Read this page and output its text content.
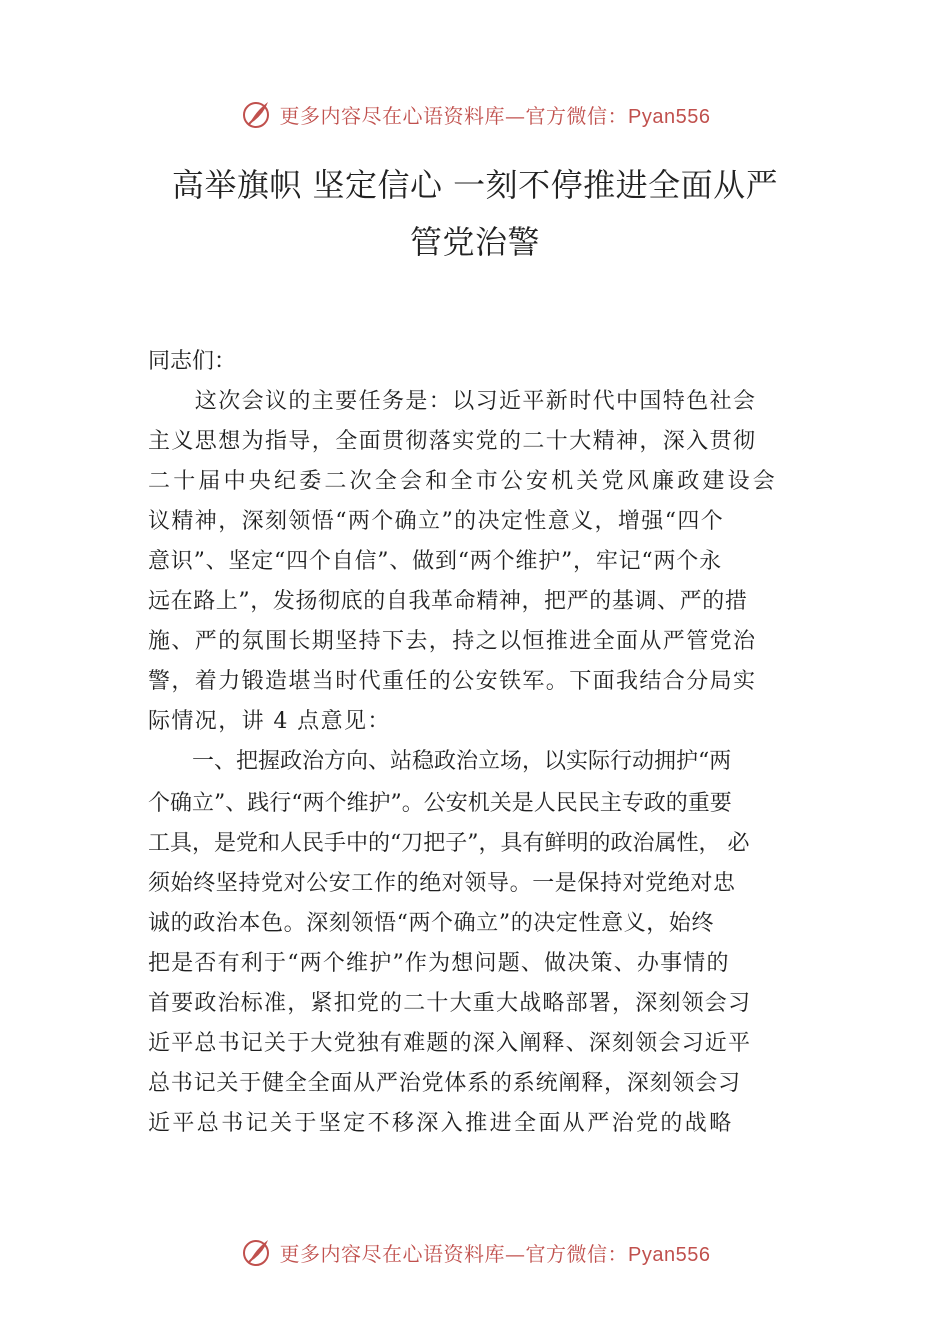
更多内容尽在心语资料库—官方微信：Pyan556
高举旗帜 坚定信心 一刻不停推进全面从严
管党治警
同志们：
　　这次会议的主要任务是：以习近平新时代中国特色社会
主义思想为指导，全面贯彻落实党的二十大精神，深入贯彻
二十届中央纪委二次全会和全市公安机关党风廉政建设会
议精神，深刻领悟“两个确立”的决定性意义，增强“四个
意识”、坚定“四个自信”、做到“两个维护”，牢记“两个永
远在路上”，发扬彻底的自我革命精神，把严的基调、严的措
施、严的氛围长期坚持下去，持之以恒推进全面从严管党治
警，着力锻造堪当时代重任的公安铁军。下面我结合分局实
际情况，讲 4 点意见：
　　一、把握政治方向、站稳政治立场，以实际行动拥护“两
个确立”、践行“两个维护”。公安机关是人民民主专政的重要
工具，是党和人民手中的“刀把子”，具有鲜明的政治属性， 必
须始终坚持党对公安工作的绝对领导。一是保持对党绝对忠
诚的政治本色。深刻领悟“两个确立”的决定性意义，始终
把是否有利于“两个维护”作为想问题、做决策、办事情的
首要政治标准，紧扣党的二十大重大战略部署，深刻领会习
近平总书记关于大党独有难题的深入阐释、深刻领会习近平
总书记关于健全全面从严治党体系的系统阐释，深刻领会习
近平总书记关于坚定不移深入推进全面从严治党的战略
更多内容尽在心语资料库—官方微信：Pyan556
